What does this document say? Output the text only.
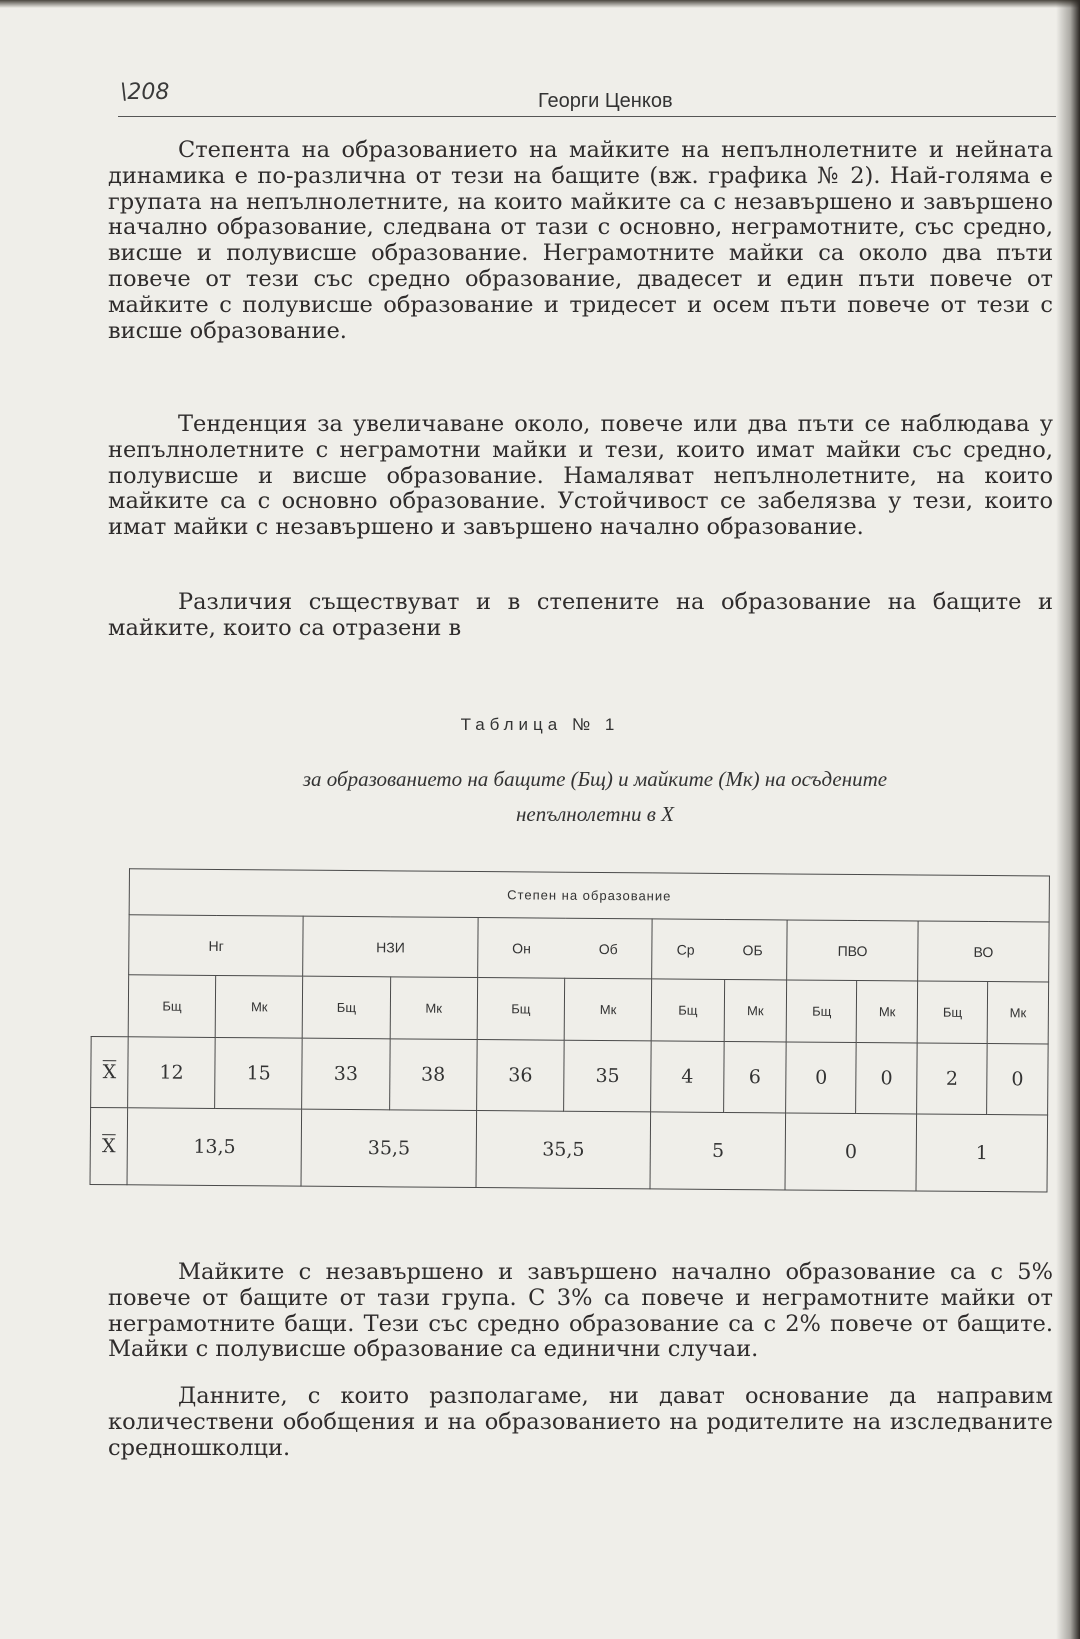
\208	Георги Ценков

Степента на образованието на майките на непълнолетните и нейната динамика е по-различна от тези на бащите (вж. графика № 2). Най-голяма е групата на непълнолетните, на които майките са с незавършено и завършено начално образование, следвана от тази с основно, неграмотните, със средно, висше и полувисше образование. Неграмотните майки са около два пъти повече от тези със средно образование, двадесет и един пъти повече от майките с полувисше образование и тридесет и осем пъти повече от тези с висше образование.

Тенденция за увеличаване около, повече или два пъти се наблюдава у непълнолетните с неграмотни майки и тези, които имат майки със средно, полувисше и висше образование. Намаляват непълнолетните, на които майките са с основно образование. Устойчивост се забелязва у тези, които имат майки с незавършено и завършено начално образование.

Различия съществуват и в степените на образование на бащите и майките, които са отразени в

Таблица № 1
за образованието на бащите (Бщ) и майките (Мк) на осъдените
непълнолетни в X
	Степен на образование											
	Нг		НЗИ		Он Об		Ср ОБ		ПВО		ВО	
	Бщ	Мк	Бщ	Мк	Бщ	Мк	Бщ	Мк	Бщ	Мк	Бщ	Мк
$\overline{X}$	12	15	33	38	36	35	4	6	0	0	2	0
$\overline{X}$	13,5		35,5		35,5		5		0		1	

Майките с незавършено и завършено начално образование са с 5% повече от бащите от тази група. С 3% са повече и неграмотните майки от неграмотните бащи. Тези със средно образование са с 2% повече от бащите. Майки с полувисше образование са единични случаи.

Данните, с които разполагаме, ни дават основание да направим количествени обобщения и на образованието на родителите на изследваните средношколци.
